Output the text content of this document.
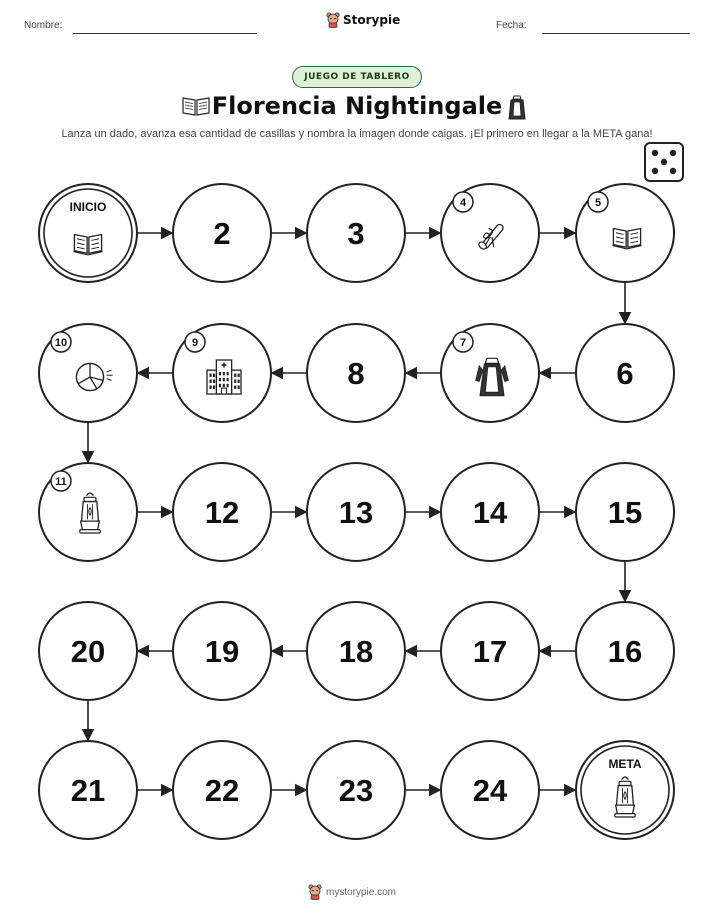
Nombre:	Storypie	Fecha:
JUEGO DE TABLERO
Florencia Nightingale
Lanza un dado, avanza esa cantidad de casillas y nombra la imagen donde caigas. ¡El primero en llegar a la META gana!
INICIO
2	3
4	5
6
7
8
9
10
11
12	13	14	15
16
17
18
19
20
21	22	23	24
META
mystorypie.com
